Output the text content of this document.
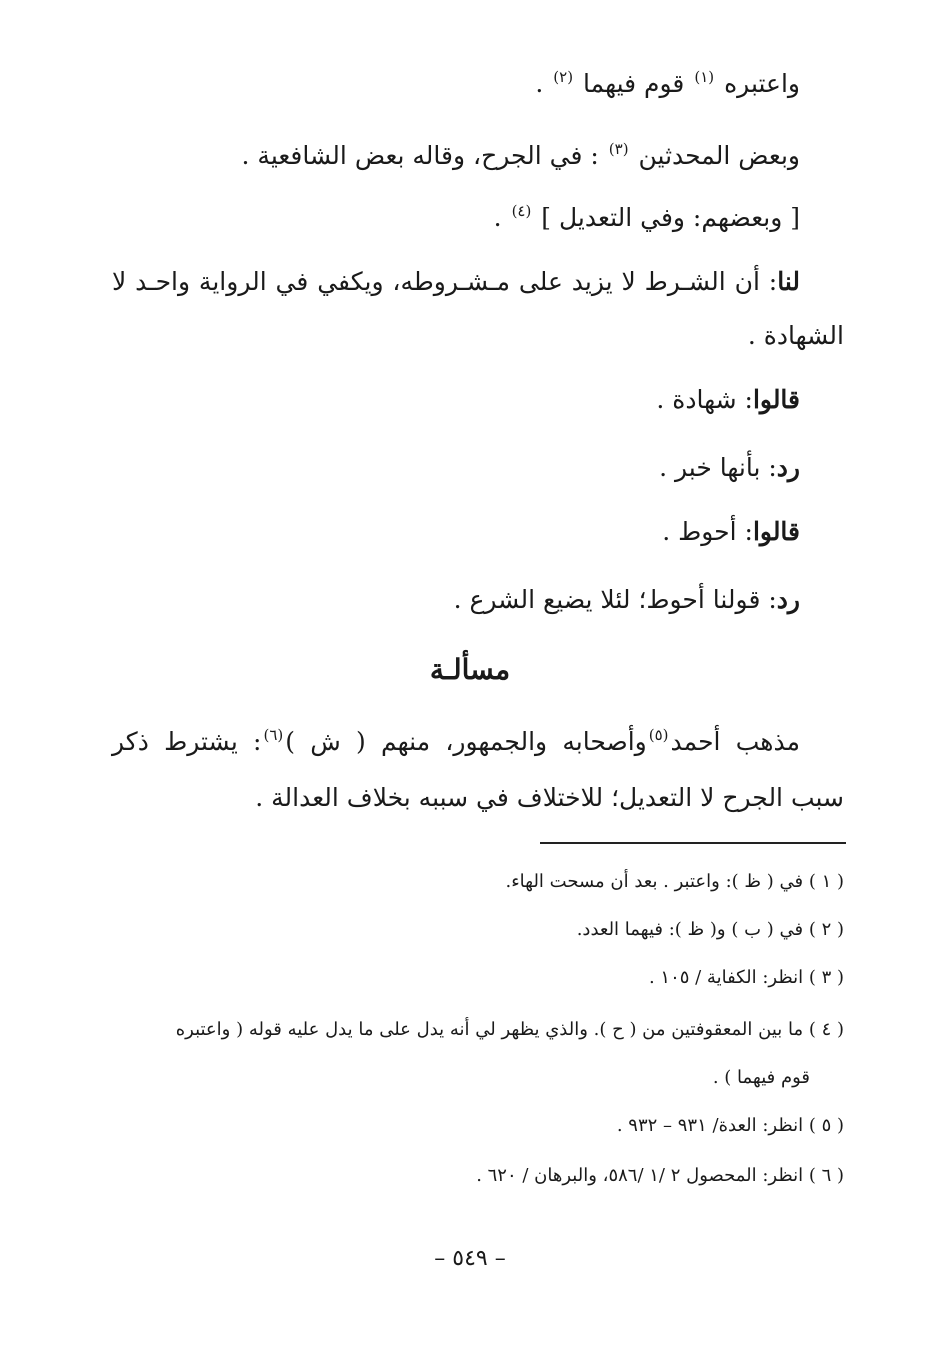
واعتبره $^{(١)}$ قوم فيهما $^{(٢)}$ .
وبعض المحدثين $^{(٣)}$ : في الجرح، وقاله بعض الشافعية .
[ وبعضهم: وفي التعديل ] $^{(٤)}$ .
لنا: أن الشـرط لا يزيد على مـشـروطه، ويكفي في الرواية واحـد لا
الشهادة .
قالوا: شهادة .
رد: بأنها خبر .
قالوا: أحوط .
رد: قولنا أحوط؛ لئلا يضيع الشرع .
مسألـة
مذهب أحمد$^{(٥)}$وأصحابه والجمهور، منهم ( ش )$^{(٦)}$: يشترط ذكر
سبب الجرح لا التعديل؛ للاختلاف في سببه بخلاف العدالة .
( ١ ) في ( ظ ): واعتبر . بعد أن مسحت الهاء.
( ٢ ) في ( ب ) و( ظ ): فيهما العدد.
( ٣ ) انظر: الكفاية / ١٠٥ .
( ٤ ) ما بين المعقوفتين من ( ح ). والذي يظهر لي أنه يدل على ما يدل عليه قوله ( واعتبره
قوم فيهما ) .
( ٥ ) انظر: العدة/ ٩٣١ – ٩٣٢ .
( ٦ ) انظر: المحصول ٢ /١ /٥٨٦، والبرهان / ٦٢٠ .
– ٥٤٩ –
